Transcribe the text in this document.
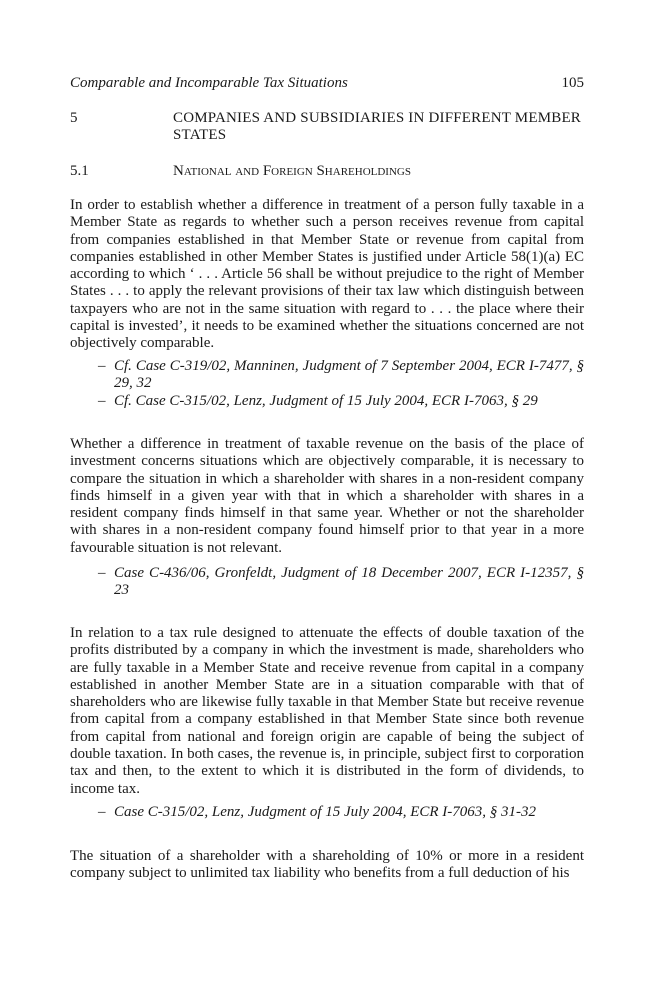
Comparable and Incomparable Tax Situations	105
5	COMPANIES AND SUBSIDIARIES IN DIFFERENT MEMBER STATES
5.1	National and Foreign Shareholdings

In order to establish whether a difference in treatment of a person fully taxable in a Member State as regards to whether such a person receives revenue from capital from companies established in that Member State or revenue from capital from companies established in other Member States is justified under Article 58(1)(a) EC according to which ‘ . . . Article 56 shall be without prejudice to the right of Member States . . . to apply the relevant provisions of their tax law which distinguish between taxpayers who are not in the same situation with regard to . . . the place where their capital is invested’, it needs to be examined whether the situations concerned are not objectively comparable.

– Cf. Case C-319/02, Manninen, Judgment of 7 September 2004, ECR I-7477, § 29, 32
– Cf. Case C-315/02, Lenz, Judgment of 15 July 2004, ECR I-7063, § 29

Whether a difference in treatment of taxable revenue on the basis of the place of investment concerns situations which are objectively comparable, it is necessary to compare the situation in which a shareholder with shares in a non-resident company finds himself in a given year with that in which a shareholder with shares in a resident company finds himself in that same year. Whether or not the shareholder with shares in a non-resident company found himself prior to that year in a more favourable situation is not relevant.

– Case C-436/06, Gronfeldt, Judgment of 18 December 2007, ECR I-12357, § 23

In relation to a tax rule designed to attenuate the effects of double taxation of the profits distributed by a company in which the investment is made, shareholders who are fully taxable in a Member State and receive revenue from capital in a company established in another Member State are in a situation comparable with that of shareholders who are likewise fully taxable in that Member State but receive revenue from capital from a company established in that Member State since both revenue from capital from national and foreign origin are capable of being the subject of double taxation. In both cases, the revenue is, in principle, subject first to corporation tax and then, to the extent to which it is distributed in the form of dividends, to income tax.

– Case C-315/02, Lenz, Judgment of 15 July 2004, ECR I-7063, § 31-32

The situation of a shareholder with a shareholding of 10% or more in a resident company subject to unlimited tax liability who benefits from a full deduction of his
